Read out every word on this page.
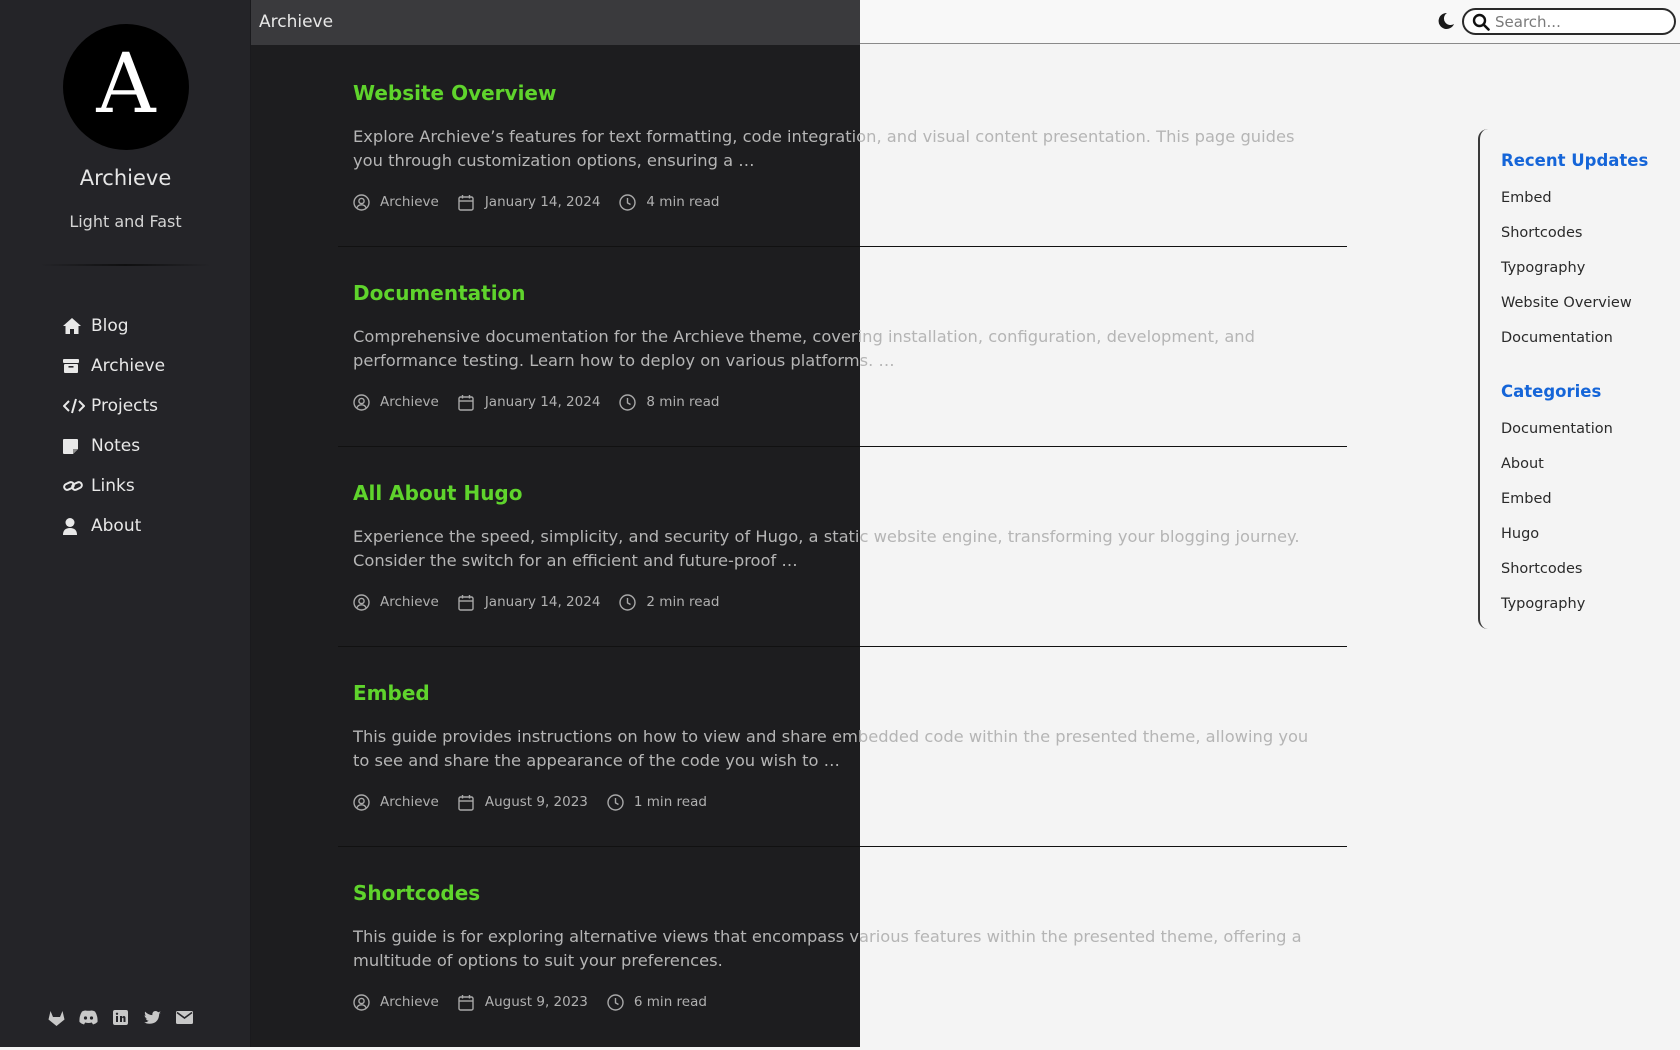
A
Archieve
Light and Fast
Blog
Archieve
Projects
Notes
Links
About
Archieve
Search...
Website Overview

Explore Archieve’s features for text formatting, code integration, and visual content presentation. This page guides you through customization options, ensuring a …

Archieve	January 14, 2024	4 min read
Documentation

Comprehensive documentation for the Archieve theme, covering installation, configuration, development, and performance testing. Learn how to deploy on various platforms. …

Archieve	January 14, 2024	8 min read
All About Hugo

Experience the speed, simplicity, and security of Hugo, a static website engine, transforming your blogging journey. Consider the switch for an efficient and future-proof …

Archieve	January 14, 2024	2 min read
Embed

This guide provides instructions on how to view and share embedded code within the presented theme, allowing you to see and share the appearance of the code you wish to …

Archieve	August 9, 2023	1 min read
Shortcodes

This guide is for exploring alternative views that encompass various features within the presented theme, offering a multitude of options to suit your preferences.

Archieve	August 9, 2023	6 min read
Recent Updates
Embed
Shortcodes
Typography
Website Overview
Documentation
Categories
Documentation
About
Embed
Hugo
Shortcodes
Typography
